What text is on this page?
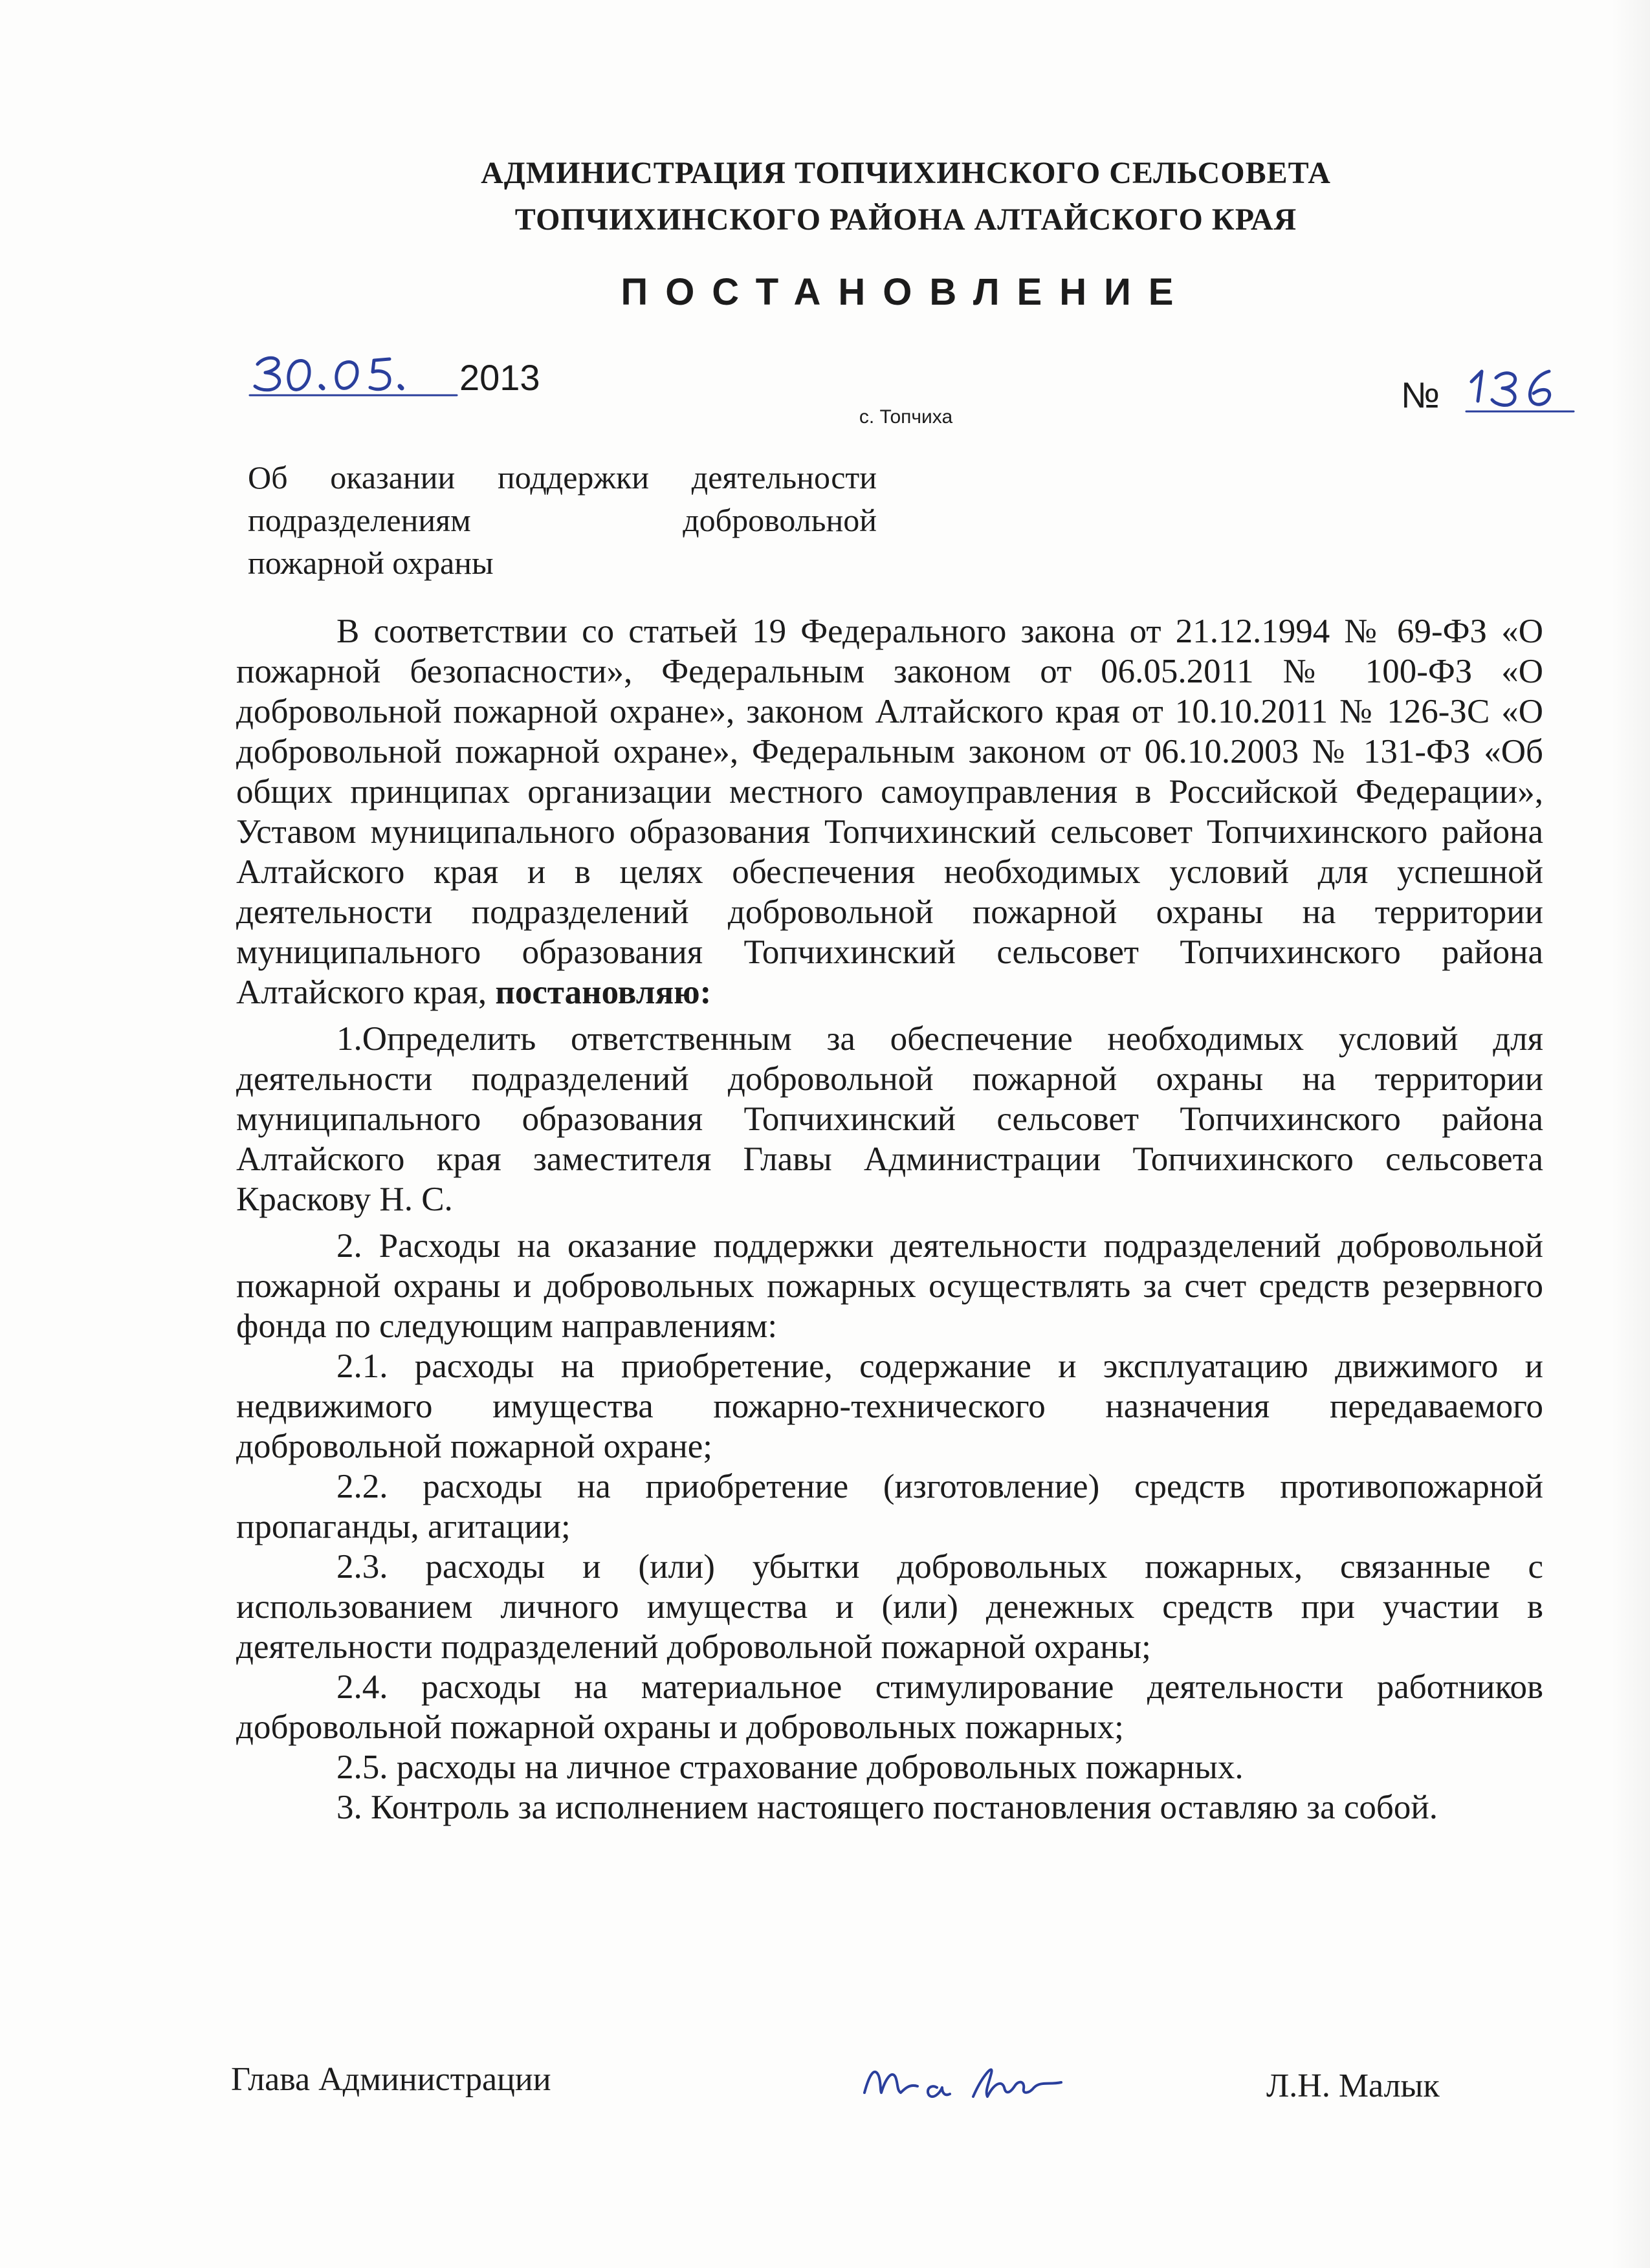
АДМИНИСТРАЦИЯ ТОПЧИХИНСКОГО СЕЛЬСОВЕТА
ТОПЧИХИНСКОГО РАЙОНА АЛТАЙСКОГО КРАЯ
ПОСТАНОВЛЕНИЕ
2013	№
с. Топчиха
Об оказании поддержки деятельности
подразделениям добровольной
пожарной охраны

В соответствии со статьей 19 Федерального закона от 21.12.1994 № 69-ФЗ «О пожарной безопасности», Федеральным законом от 06.05.2011 № 100-ФЗ «О добровольной пожарной охране», законом Алтайского края от 10.10.2011 № 126-ЗС «О добровольной пожарной охране», Федеральным законом от 06.10.2003 № 131-ФЗ «Об общих принципах организации местного самоуправления в Российской Федерации», Уставом муниципального образования Топчихинский сельсовет Топчихинского района Алтайского края и в целях обеспечения необходимых условий для успешной деятельности подразделений добровольной пожарной охраны на территории муниципального образования Топчихинский сельсовет Топчихинского района Алтайского края, постановляю:

1.Определить ответственным за обеспечение необходимых условий для деятельности подразделений добровольной пожарной охраны на территории муниципального образования Топчихинский сельсовет Топчихинского района Алтайского края заместителя Главы Администрации Топчихинского сельсовета Краскову Н. С.

2. Расходы на оказание поддержки деятельности подразделений добровольной пожарной охраны и добровольных пожарных осуществлять за счет средств резервного фонда по следующим направлениям:

2.1. расходы на приобретение, содержание и эксплуатацию движимого и недвижимого имущества пожарно-технического назначения передаваемого добровольной пожарной охране;

2.2. расходы на приобретение (изготовление) средств противопожарной пропаганды, агитации;

2.3. расходы и (или) убытки добровольных пожарных, связанные с использованием личного имущества и (или) денежных средств при участии в деятельности подразделений добровольной пожарной охраны;

2.4. расходы на материальное стимулирование деятельности работников добровольной пожарной охраны и добровольных пожарных;

2.5. расходы на личное страхование добровольных пожарных.

3. Контроль за исполнением настоящего постановления оставляю за собой.

Глава Администрации	Л.Н. Малык
